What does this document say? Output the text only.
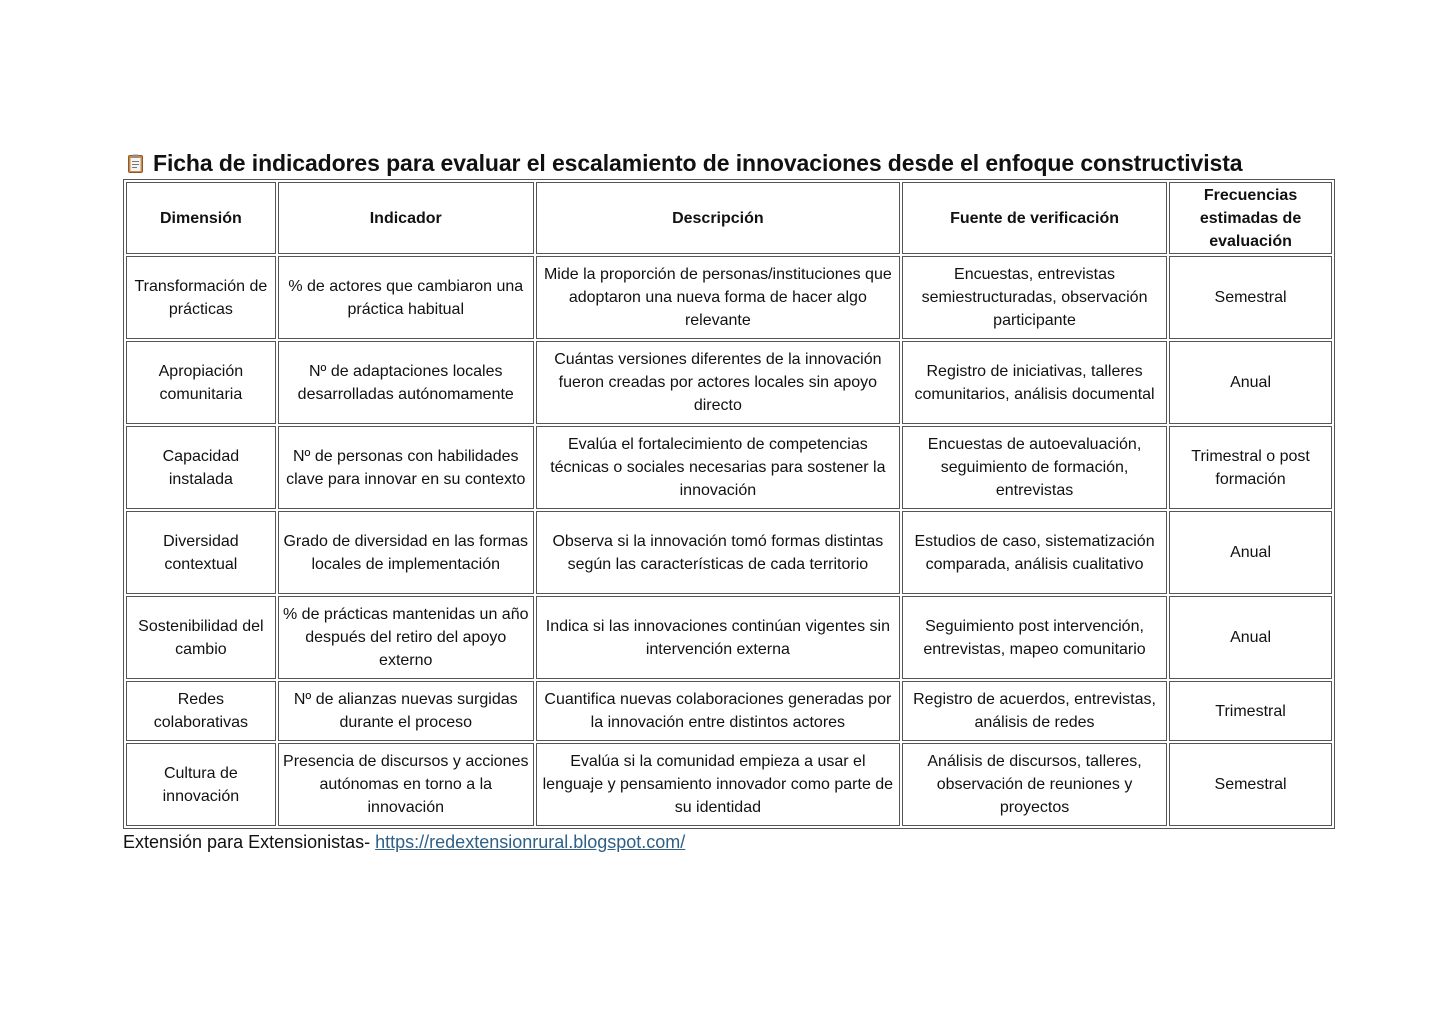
Ficha de indicadores para evaluar el escalamiento de innovaciones desde el enfoque constructivista
Dimensión	Indicador	Descripción	Fuente de verificación	Frecuencias estimadas de evaluación
Transformación de prácticas	% de actores que cambiaron una práctica habitual	Mide la proporción de personas/instituciones que adoptaron una nueva forma de hacer algo relevante	Encuestas, entrevistas semiestructuradas, observación participante	Semestral
Apropiación comunitaria	Nº de adaptaciones locales desarrolladas autónomamente	Cuántas versiones diferentes de la innovación fueron creadas por actores locales sin apoyo directo	Registro de iniciativas, talleres comunitarios, análisis documental	Anual
Capacidad instalada	Nº de personas con habilidades clave para innovar en su contexto	Evalúa el fortalecimiento de competencias técnicas o sociales necesarias para sostener la innovación	Encuestas de autoevaluación, seguimiento de formación, entrevistas	Trimestral o post formación
Diversidad contextual	Grado de diversidad en las formas locales de implementación	Observa si la innovación tomó formas distintas según las características de cada territorio	Estudios de caso, sistematización comparada, análisis cualitativo	Anual
Sostenibilidad del cambio	% de prácticas mantenidas un año después del retiro del apoyo externo	Indica si las innovaciones continúan vigentes sin intervención externa	Seguimiento post intervención, entrevistas, mapeo comunitario	Anual
Redes colaborativas	Nº de alianzas nuevas surgidas durante el proceso	Cuantifica nuevas colaboraciones generadas por la innovación entre distintos actores	Registro de acuerdos, entrevistas, análisis de redes	Trimestral
Cultura de innovación	Presencia de discursos y acciones autónomas en torno a la innovación	Evalúa si la comunidad empieza a usar el lenguaje y pensamiento innovador como parte de su identidad	Análisis de discursos, talleres, observación de reuniones y proyectos	Semestral
Extensión para Extensionistas- https://redextensionrural.blogspot.com/
